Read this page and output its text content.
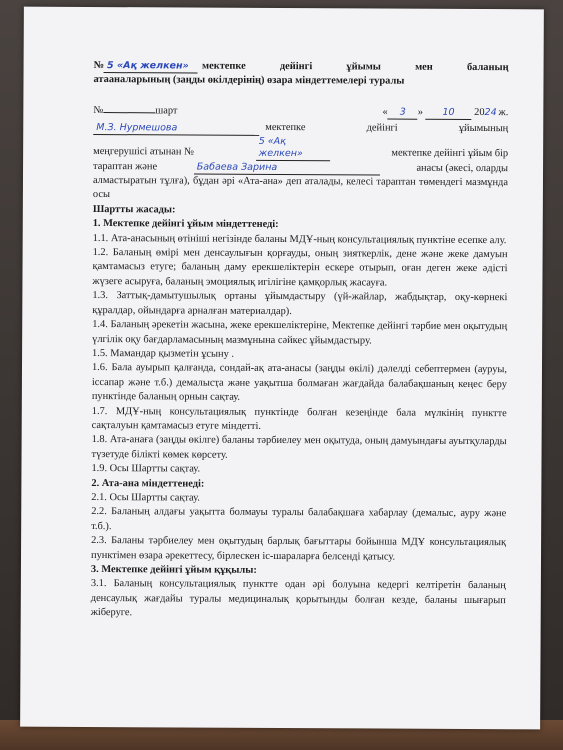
№ 5 «Ақ желкен»	мектепке дейінгі ұйымы мен баланың
атааналарының (заңды өкілдерінің) өзара міндеттемелері туралы
№	шарт	« 3 » 10 2024 ж.
М.З. Нурмешова	мектепке дейінгі ұйымының
меңгерушісі атынан №
5 «Ақ желкен»	мектепке дейінгі ұйым бір
тарaптан және	Бабаева Зарина	анасы (әкесі, оларды

алмастыратын тұлға), бұдан әрі «Ата-ана» деп аталады, келесі тараптан төмендегі мазмұнда осы

Шартты жасады:
1. Мектепке дейінгі ұйым міндеттенеді:

1.1. Ата-анасының өтініші негізінде баланы МДҰ-ның консультациялық пунктіне есепке алу.

1.2. Баланың өмірі мен денсаулығын қорғауды, оның зияткерлік, дене және жеке дамуын қамтамасыз етуге; баланың даму ерекшеліктерін ескере отырып, оған деген жеке әдісті жүзеге асыруға, баланың эмоциялық игілігіне қамқорлық жасауға.

1.3. Заттық-дамытушылық ортаны ұйымдастыру (үй-жайлар, жабдықтар, оқу-көрнекі құралдар, ойындарға арналған материалдар).

1.4. Баланың әрекетін жасына, жеке ерекшеліктеріне, Мектепке дейінгі тәрбие мен оқытудың үлгілік оқу бағдарламасының мазмұнына сәйкес ұйымдастыру.

1.5. Мамандар қызметін ұсыну .

1.6. Бала ауырып қалғанда, сондай-ақ ата-анасы (заңды өкілі) дәлелді себептермен (ауруы, іссапар және т.б.) демалысҭа және уақытша болмаған жағдайда балабақшаның кеңес беру пунктінде баланың орнын сақтау.

1.7. МДҰ-ның консультациялық пунктінде болған кезеңінде бала мүлкінің пунктте сақталуын қамтамасыз етуге міндетті.

1.8. Ата-анаға (заңды өкілге) баланы тәрбиелеу мен оқытуда, оның дамуындағы ауытқуларды түзетуде білікті көмек көрсету.

1.9. Осы Шартты сақтау.

2. Ата-ана міндеттенеді:

2.1. Осы Шартты сақтау.

2.2. Баланың алдағы уақытта болмауы туралы балабақшаға хабарлау (демалыс, ауру және т.б.).

2.3. Баланы тәрбиелеу мен оқытудың барлық бағыттары бойынша МДҰ консультациялық пунктімен өзара әрекеттесу, бірлескен іс-шараларға белсенді қатысу.

3. Мектепке дейінгі ұйым құқылы:

3.1. Баланың консультациялық пунктте одан әрі болуына кедергі келтіретін баланың денсаулық жағдайы туралы медициналық қорытынды болған кезде, баланы шығарып жіберуге.
